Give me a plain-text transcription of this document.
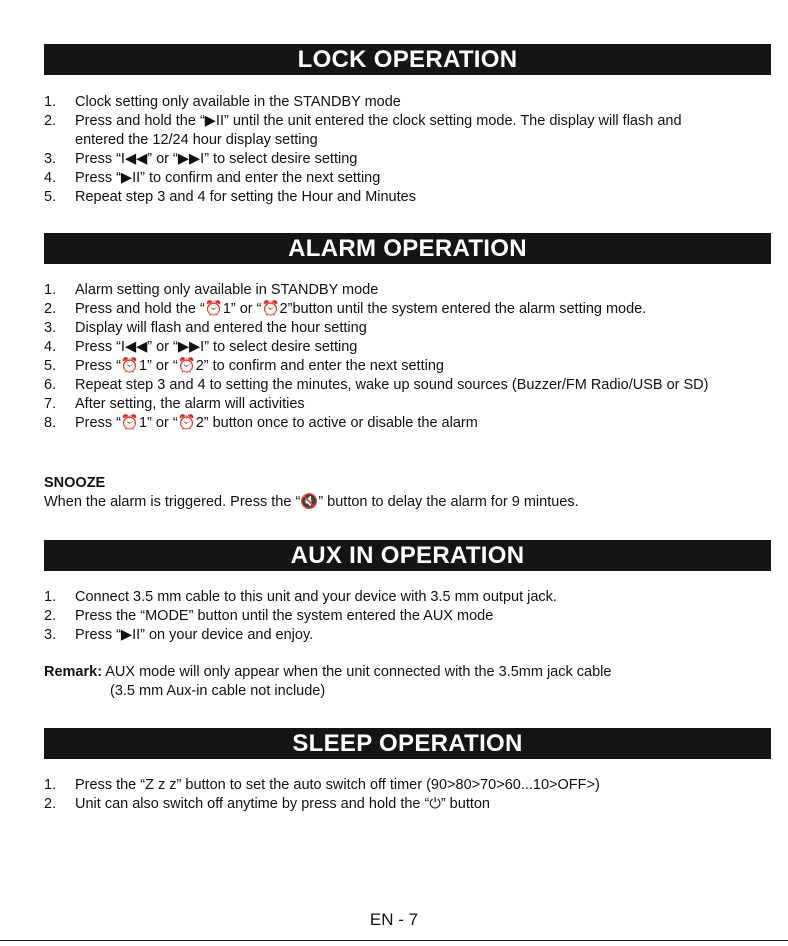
LOCK OPERATION
1. Clock setting only available in the STANDBY mode
2. Press and hold the “▶II” until the unit entered the clock setting mode. The display will flash and entered the 12/24 hour display setting
3. Press “I◀◀” or “▶▶I” to select desire setting
4. Press “▶II” to confirm and enter the next setting
5. Repeat step 3 and 4 for setting the Hour and Minutes
ALARM OPERATION
1. Alarm setting only available in STANDBY mode
2. Press and hold the “⏰1” or “⏰2”button until the system entered the alarm setting mode.
3. Display will flash and entered the hour setting
4. Press “I◀◀” or “▶▶I” to select desire setting
5. Press “⏰1” or “⏰2” to confirm and enter the next setting
6. Repeat step 3 and 4 to setting the minutes, wake up sound sources (Buzzer/FM Radio/USB or SD)
7. After setting, the alarm will activities
8. Press “⏰1” or “⏰2” button once to active or disable the alarm
SNOOZE
When the alarm is triggered. Press the “🔇” button to delay the alarm for 9 mintues.
AUX IN OPERATION
1. Connect 3.5 mm cable to this unit and your device with 3.5 mm output jack.
2. Press the “MODE” button until the system entered the AUX mode
3. Press “▶II” on your device and enjoy.
Remark: AUX mode will only appear when the unit connected with the 3.5mm jack cable
(3.5 mm Aux-in cable not include)
SLEEP OPERATION
1. Press the “Z z z” button to set the auto switch off timer (90>80>70>60...10>OFF>)
2. Unit can also switch off anytime by press and hold the “⏻” button
EN - 7
